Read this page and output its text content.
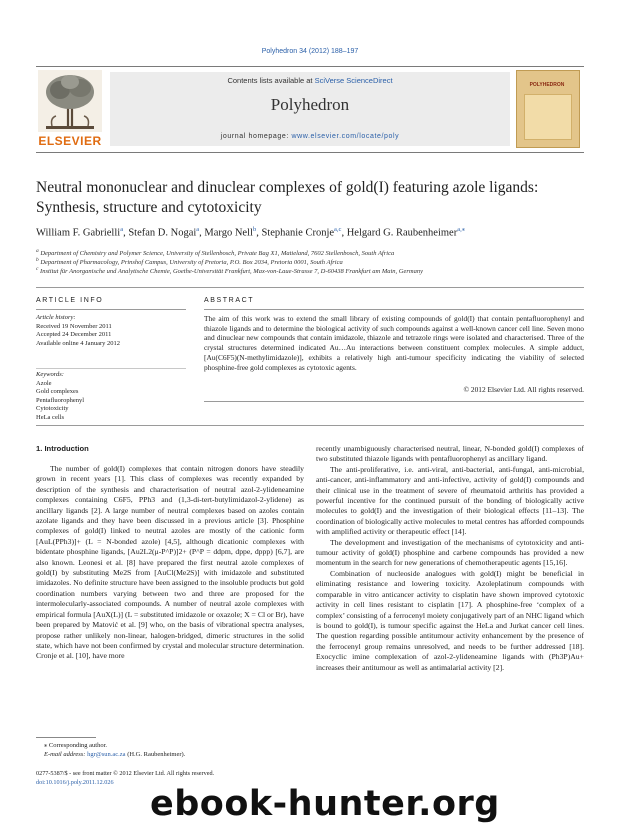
Polyhedron 34 (2012) 188–197
ELSEVIER
Contents lists available at SciVerse ScienceDirect
Polyhedron
journal homepage: www.elsevier.com/locate/poly
POLYHEDRON
Neutral mononuclear and dinuclear complexes of gold(I) featuring azole ligands: Synthesis, structure and cytotoxicity
William F. Gabrielli$^a$, Stefan D. Nogai$^a$, Margo Nell$^b$, Stephanie Cronje$^{a,c}$, Helgard G. Raubenheimer$^{a,⁎}$
$^a$ Department of Chemistry and Polymer Science, University of Stellenbosch, Private Bag X1, Matieland, 7602 Stellenbosch, South Africa
$^b$ Department of Pharmacology, Prinshof Campus, University of Pretoria, P.O. Box 2034, Pretoria 0001, South Africa
$^c$ Institut für Anorganische und Analytische Chemie, Goethe-Universität Frankfurt, Max-von-Laue-Strasse 7, D-60438 Frankfurt am Main, Germany
ARTICLE INFO
Article history:
Received 19 November 2011
Accepted 24 December 2011
Available online 4 January 2012
Keywords:
Azole
Gold complexes
Pentafluorophenyl
Cytotoxicity
HeLa cells
ABSTRACT
The aim of this work was to extend the small library of existing compounds of gold(I) that contain pentafluorophenyl and thiazole ligands and to determine the biological activity of such compounds against a well-known cancer cell line. Seven mono and dinuclear new compounds that contain imidazole, thiazole and tetrazole rings were isolated and characterised. Three of the crystal structures determined indicated Au…Au interactions between constituent complex molecules. A simple adduct, [Au(C6F5)(N-methylimidazole)], exhibits a relatively high anti-tumour specificity indicating the viability of selected phosphine-free gold complexes as cytotoxic agents.
© 2012 Elsevier Ltd. All rights reserved.
1. Introduction

The number of gold(I) complexes that contain nitrogen donors have steadily grown in recent years [1]. This class of complexes was recently expanded by description of the synthesis and characterisation of neutral azol-2-ylideneamine complexes containing C6F5, PPh3 and (1,3-di-tert-butylimidazol-2-ylidene) as ancillary ligands [2]. A large number of neutral complexes based on azoles contain azolate ligands and they have been discussed in a previous article [3]. Phosphine complexes of gold(I) linked to neutral azoles are mostly of the cationic form [AuL(PPh3)]+ (L = N-bonded azole) [4,5], although dicationic complexes with bidentate phosphine ligands, [Au2L2(μ-P^P)]2+ (P^P = ddpm, dppe, dppp) [6,7], are also known. Leonesi et al. [8] have prepared the first neutral azole complexes of gold(I) by substituting Me2S from [AuCl(Me2S)] with imidazole and substituted imidazoles. No definite structure have been assigned to the insoluble products but gold coordination numbers varying between two and three are proposed for the intermolecularly-associated compounds. A number of neutral azole complexes with empirical formula [AuX(L)] (L = substituted imidazole or oxazole; X = Cl or Br), have been prepared by Matović et al. [9] who, on the basis of vibrational spectra analyses, propose rather unlikely non-linear, halogen-bridged, dimeric structures in the solid state, which have not been confirmed by crystal and molecular structure determination. Cronje et al. [10], have more

recently unambiguously characterised neutral, linear, N-bonded gold(I) complexes of two substituted thiazole ligands with pentafluorophenyl as ancillary ligand.

The anti-proliferative, i.e. anti-viral, anti-bacterial, anti-fungal, anti-microbial, anti-cancer, anti-inflammatory and anti-infective, activity of gold(I) compounds and their clinical use in the treatment of severe of rheumatoid arthritis has provided a powerful incentive for the continued pursuit of the bonding of biologically active molecules to gold(I) and the investigation of their biological effects [11–13]. The coordination of biologically active molecules to metal centres has afforded compounds with amplified activity or therapeutic effect [14].

The development and investigation of the mechanisms of cytotoxicity and anti-tumour activity of gold(I) phosphine and carbene compounds has provided a new momentum in the search for new generations of chemotherapeutic agents [15,16].

Combination of nucleoside analogues with gold(I) might be beneficial in eliminating resistance and lowering toxicity. Azoleplatinum compounds with comparable in vitro anticancer activity to cisplatin have shown improved cytotoxic activity in cell lines resistant to cisplatin [17]. A phosphine-free ‘complex of a complex’ consisting of a ferrocenyl moiety conjugatively part of an NHC ligand which is bound to gold(I), is tumour specific against the HeLa and Jurkat cancer cell lines. The question regarding possible antitumour activity enhancement by the presence of the ferrocenyl group remains unresolved, and needs to be further addressed [18]. Exocyclic imine complexation of azol-2-ylideneamine ligands with (Ph3P)Au+ increases their antitumour as well as antimalarial activity [2].

⁎ Corresponding author.
E-mail address: hgr@sun.ac.za (H.G. Raubenheimer).
0277-5387/$ - see front matter © 2012 Elsevier Ltd. All rights reserved.
doi:10.1016/j.poly.2011.12.026
ebook-hunter.org
